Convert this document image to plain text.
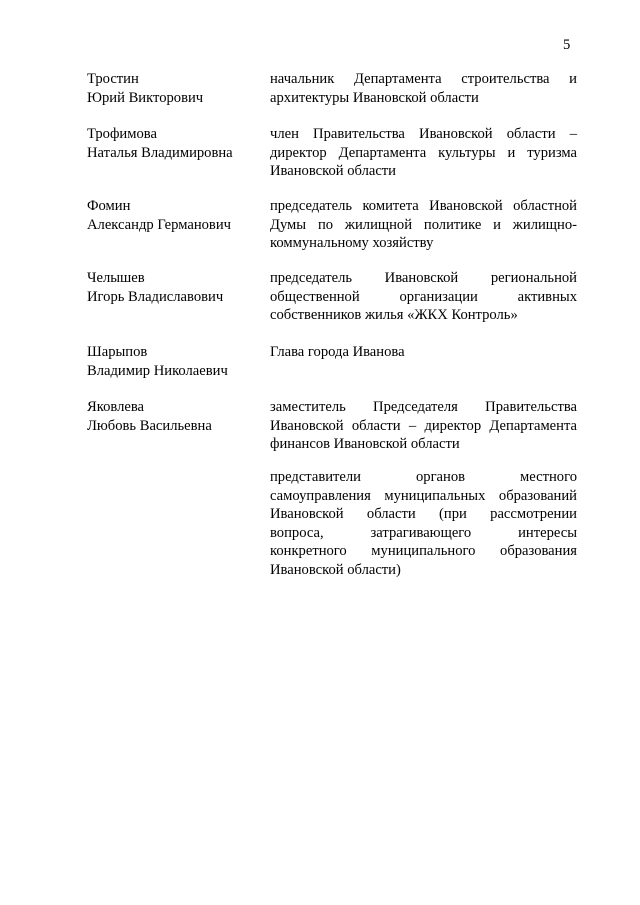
5
Тростин
Юрий Викторович
начальник Департамента строительства и
архитектуры Ивановской области
Трофимова
Наталья Владимировна
член Правительства Ивановской области –
директор Департамента культуры и туризма
Ивановской области
Фомин
Александр Германович
председатель комитета Ивановской областной
Думы по жилищной политике и жилищно-
коммунальному хозяйству
Челышев
Игорь Владиславович
председатель Ивановской региональной
общественной организации активных
собственников жилья «ЖКХ Контроль»
Шарыпов
Владимир Николаевич
Глава города Иванова
Яковлева
Любовь Васильевна
заместитель Председателя Правительства
Ивановской области – директор Департамента
финансов Ивановской области
представители органов местного
самоуправления муниципальных образований
Ивановской области (при рассмотрении
вопроса, затрагивающего интересы
конкретного муниципального образования
Ивановской области)
